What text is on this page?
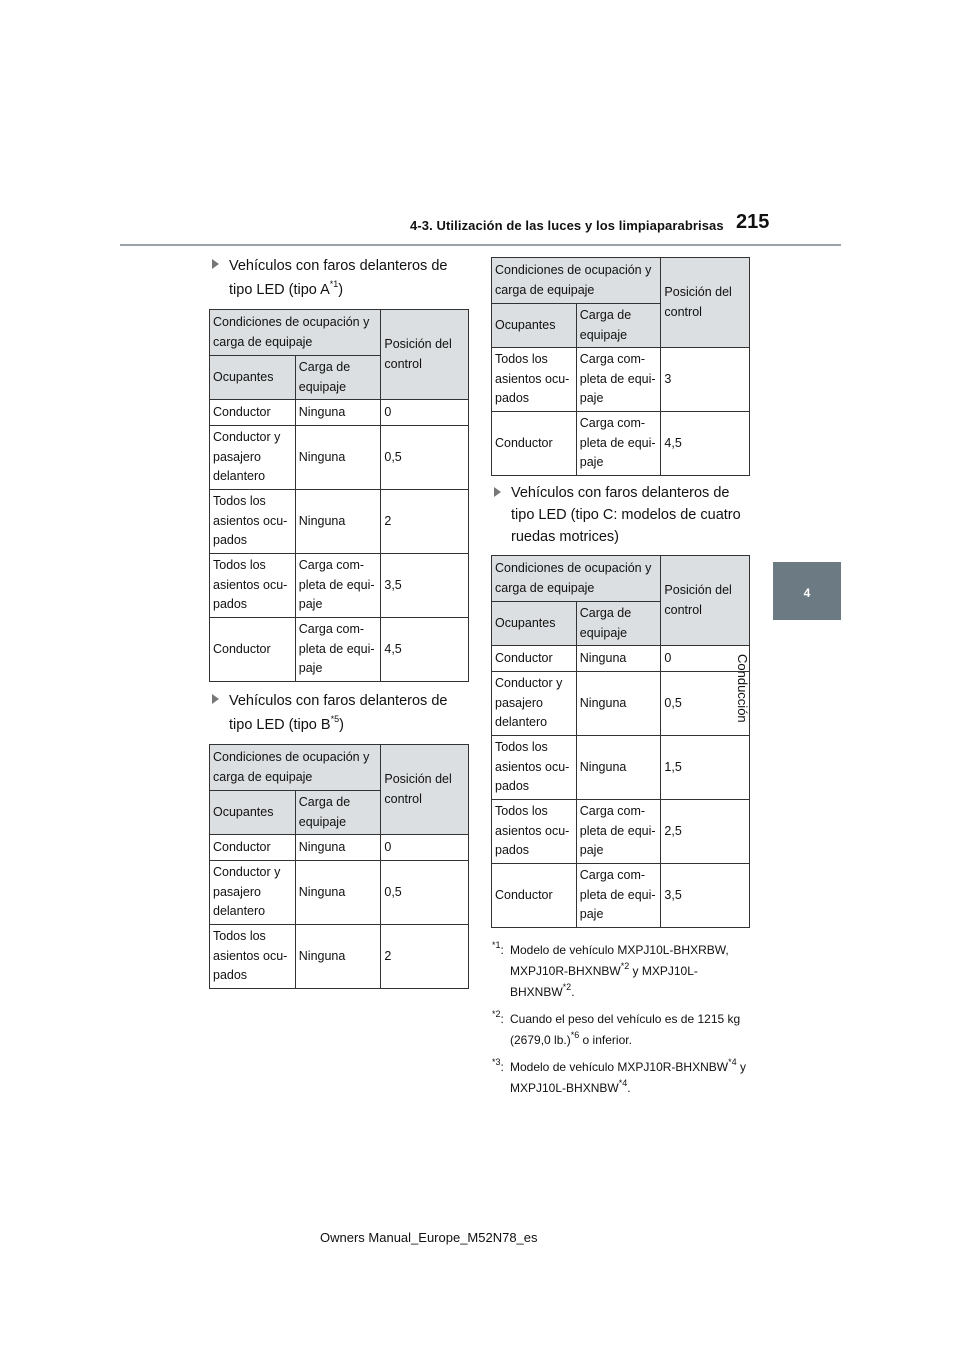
4-3. Utilización de las luces y los limpiaparabrisas 215
4
Conducción
Vehículos con faros delanteros de tipo LED (tipo $A^{*1}$)
Condiciones de ocupación y carga de equipaje		Posición del control
Ocupantes	Carga de equipaje	
Conductor	Ninguna	0
Conductor y pasajero delantero	Ninguna	0,5
Todos los asientos ocu- pados	Ninguna	2
Todos los asientos ocu- pados	Carga com- pleta de equi- paje	3,5
Conductor	Carga com- pleta de equi- paje	4,5
Vehículos con faros delanteros de tipo LED (tipo $B^{*5}$)
Condiciones de ocupación y carga de equipaje		Posición del control
Ocupantes	Carga de equipaje	
Conductor	Ninguna	0
Conductor y pasajero delantero	Ninguna	0,5
Todos los asientos ocu- pados	Ninguna	2
Condiciones de ocupación y carga de equipaje		Posición del control
Ocupantes	Carga de equipaje	
Todos los asientos ocu- pados	Carga com- pleta de equi- paje	3
Conductor	Carga com- pleta de equi- paje	4,5
Vehículos con faros delanteros de tipo LED (tipo C: modelos de cuatro ruedas motrices)
Condiciones de ocupación y carga de equipaje		Posición del control
Ocupantes	Carga de equipaje	
Conductor	Ninguna	0
Conductor y pasajero delantero	Ninguna	0,5
Todos los asientos ocu- pados	Ninguna	1,5
Todos los asientos ocu- pados	Carga com- pleta de equi- paje	2,5
Conductor	Carga com- pleta de equi- paje	3,5
$^{*1}$: Modelo de vehículo MXPJ10L-BHXRBW, MXPJ10R-BHXNBW$^{*2}$ y MXPJ10L-BHXNBW$^{*2}$.
$^{*2}$: Cuando el peso del vehículo es de 1215 kg (2679,0 lb.)$^{*6}$ o inferior.
$^{*3}$: Modelo de vehículo MXPJ10R-BHXNBW$^{*4}$ y MXPJ10L-BHXNBW$^{*4}$.
Owners Manual_Europe_M52N78_es
